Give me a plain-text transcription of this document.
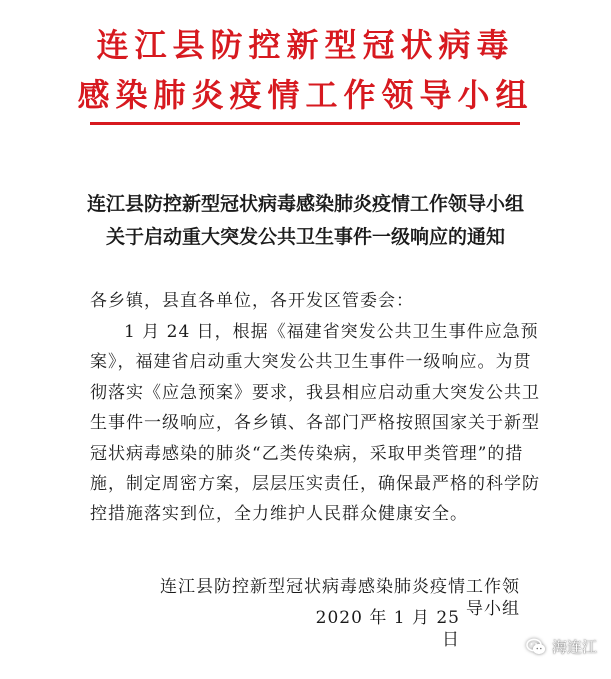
连江县防控新型冠状病毒
感染肺炎疫情工作领导小组
连江县防控新型冠状病毒感染肺炎疫情工作领导小组
关于启动重大突发公共卫生事件一级响应的通知
各乡镇，县直各单位，各开发区管委会：
1 月 24 日，根据《福建省突发公共卫生事件应急预
案》，福建省启动重大突发公共卫生事件一级响应。为贯
彻落实《应急预案》要求，我县相应启动重大突发公共卫
生事件一级响应，各乡镇、各部门严格按照国家关于新型
冠状病毒感染的肺炎“乙类传染病，采取甲类管理”的措
施，制定周密方案，层层压实责任，确保最严格的科学防
控措施落实到位，全力维护人民群众健康安全。
连江县防控新型冠状病毒感染肺炎疫情工作领导小组
2020 年 1 月 25 日	海连江
